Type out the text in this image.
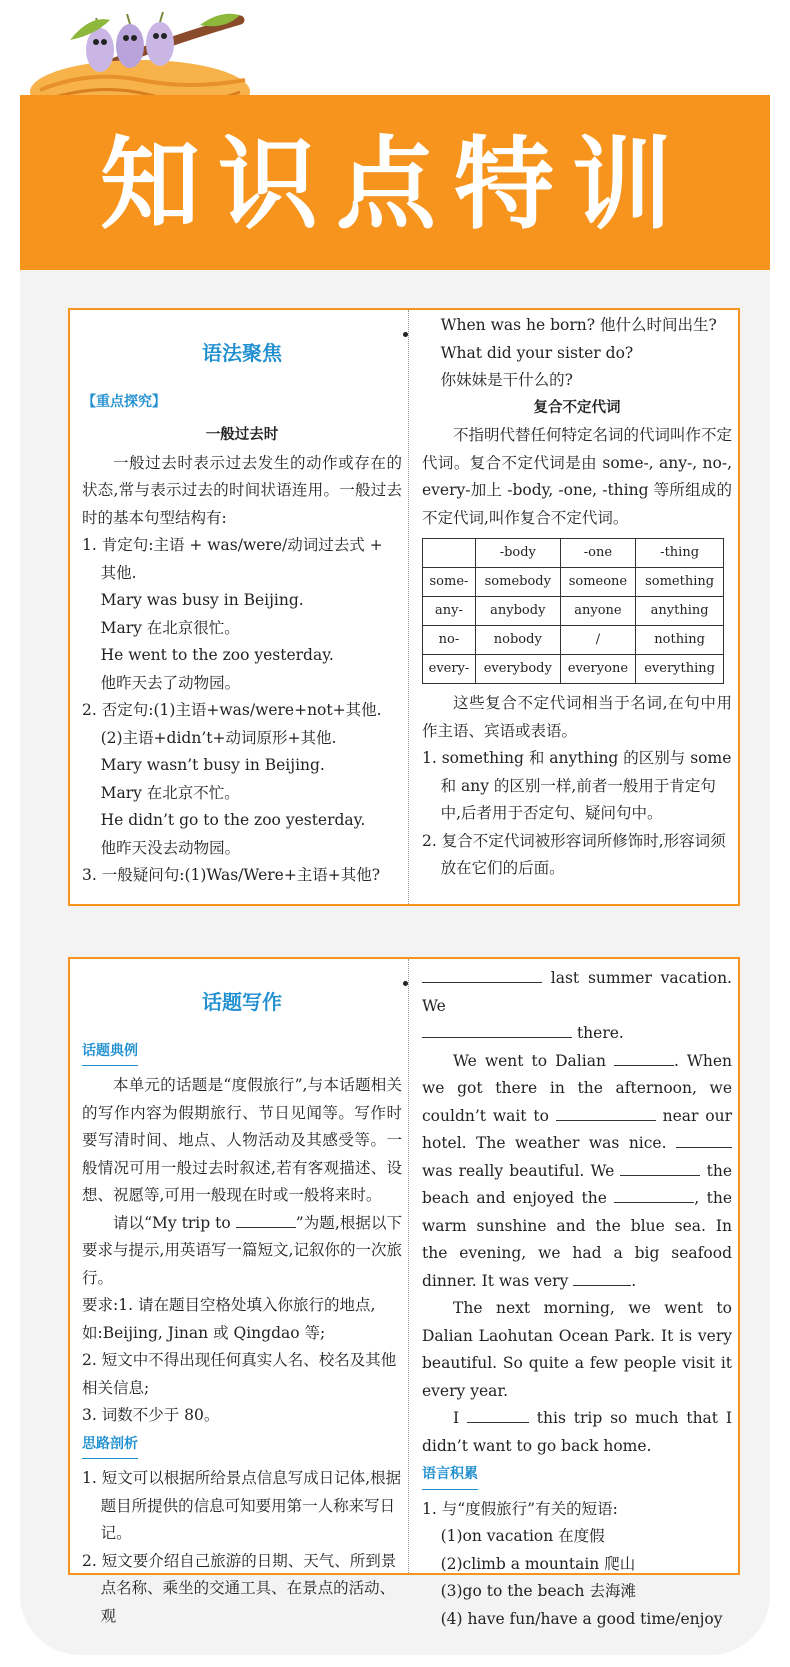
知识点特训
语法聚焦
【重点探究】
一般过去时
一般过去时表示过去发生的动作或存在的状态,常与表示过去的时间状语连用。一般过去时的基本句型结构有:
1. 肯定句:主语 + was/were/动词过去式 +
其他.
Mary was busy in Beijing.
Mary 在北京很忙。
He went to the zoo yesterday.
他昨天去了动物园。
2. 否定句:(1)主语+was/were+not+其他.
(2)主语+didn’t+动词原形+其他.
Mary wasn’t busy in Beijing.
Mary 在北京不忙。
He didn’t go to the zoo yesterday.
他昨天没去动物园。
3. 一般疑问句:(1)Was/Were+主语+其他?
When was he born? 他什么时间出生?
What did your sister do?
你妹妹是干什么的?
复合不定代词
不指明代替任何特定名词的代词叫作不定代词。复合不定代词是由 some-, any-, no-, every-加上 -body, -one, -thing 等所组成的不定代词,叫作复合不定代词。
	-body	-one	-thing
some-	somebody	someone	something
any-	anybody	anyone	anything
no-	nobody	/	nothing
every-	everybody	everyone	everything
这些复合不定代词相当于名词,在句中用作主语、宾语或表语。
1. something 和 anything 的区别与 some 和 any 的区别一样,前者一般用于肯定句中,后者用于否定句、疑问句中。
2. 复合不定代词被形容词所修饰时,形容词须放在它们的后面。
话题写作
话题典例
本单元的话题是“度假旅行”,与本话题相关的写作内容为假期旅行、节日见闻等。写作时要写清时间、地点、人物活动及其感受等。一般情况可用一般过去时叙述,若有客观描述、设想、祝愿等,可用一般现在时或一般将来时。
请以“My trip to	”为题,根据以下要求与提示,用英语写一篇短文,记叙你的一次旅行。
要求:1. 请在题目空格处填入你旅行的地点,如:Beijing, Jinan 或 Qingdao 等;
2. 短文中不得出现任何真实人名、校名及其他相关信息;
3. 词数不少于 80。
思路剖析
1. 短文可以根据所给景点信息写成日记体,根据题目所提供的信息可知要用第一人称来写日记。
2. 短文要介绍自己旅游的日期、天气、所到景点名称、乘坐的交通工具、在景点的活动、观
last summer vacation. We
there.
We went to Dalian	. When we got there in the afternoon, we couldn’t wait to	near our hotel. The weather was nice.  was really beautiful. We	the beach and enjoyed the	, the warm sunshine and the blue sea. In the evening, we had a big seafood dinner. It was very	.
The next morning, we went to Dalian Laohutan Ocean Park. It is very beautiful. So quite a few people visit it every year.
I	this trip so much that I didn’t want to go back home.
语言积累
1. 与“度假旅行”有关的短语:
(1)on vacation 在度假
(2)climb a mountain 爬山
(3)go to the beach 去海滩
(4) have fun/have a good time/enjoy
